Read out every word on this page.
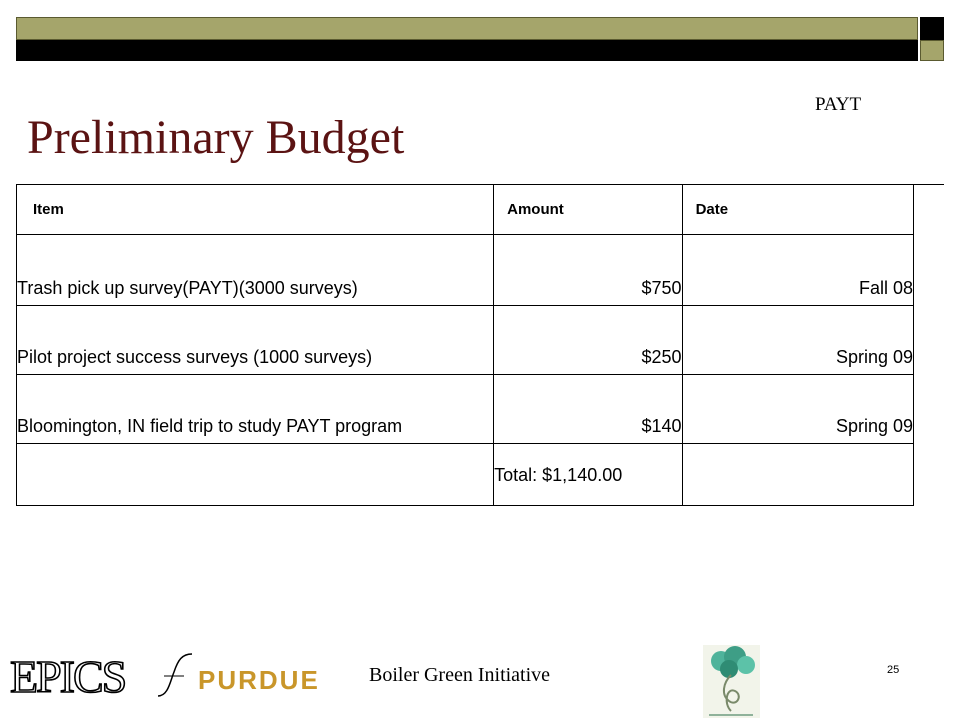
PAYT
Preliminary Budget
Item	Amount	Date
Trash pick up survey(PAYT)(3000 surveys)	$750	Fall 08
Pilot project success surveys (1000 surveys)	$250	Spring 09
Bloomington, IN field trip to study PAYT program	$140	Spring 09
	Total: $1,140.00	
EPICS	PURDUE Boiler Green Initiative	25
